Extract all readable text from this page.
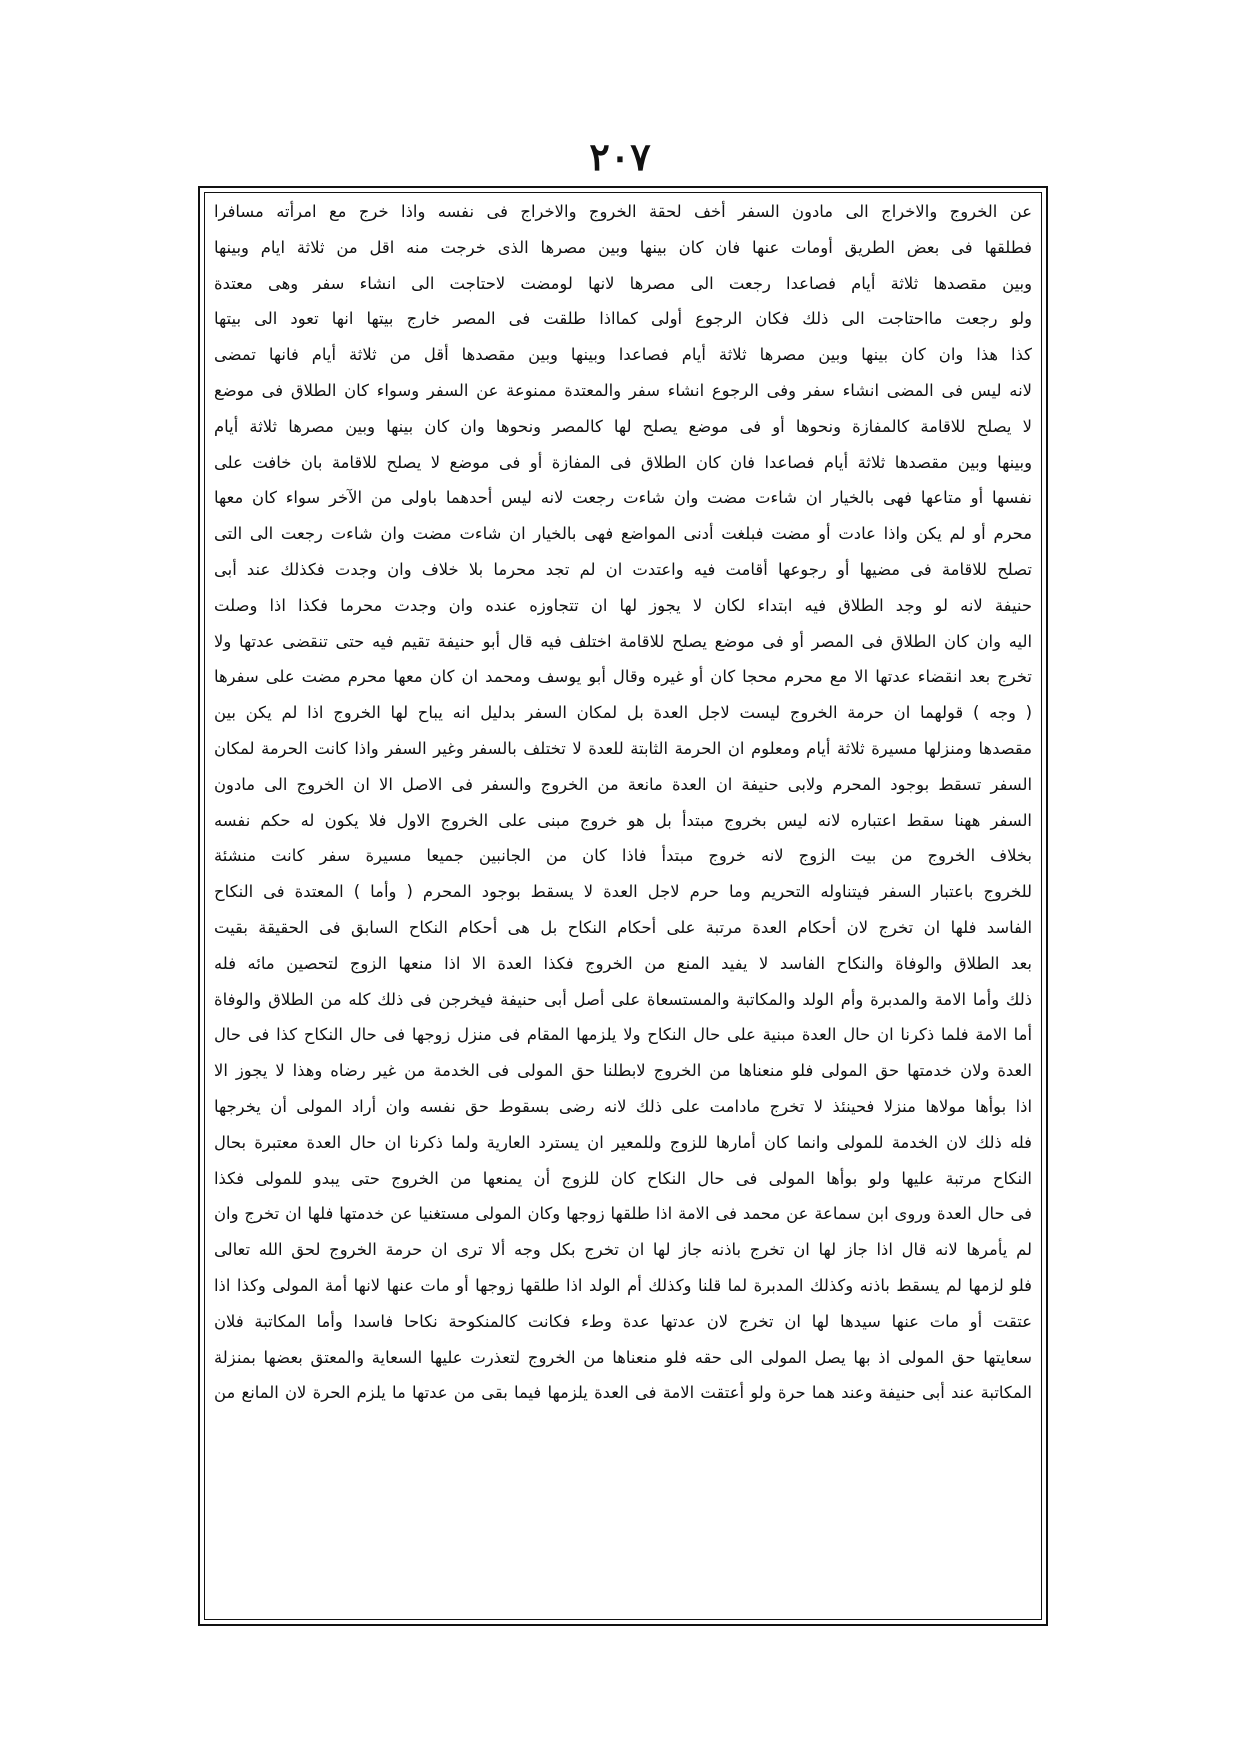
٢٠٧
عن الخروج والاخراج الى مادون السفر أخف لحقة الخروج والاخراج فى نفسه واذا خرج مع امرأته مسافرا
فطلقها فى بعض الطريق أومات عنها فان كان بينها وبين مصرها الذى خرجت منه اقل من ثلاثة ايام وبينها
وبين مقصدها ثلاثة أيام فصاعدا رجعت الى مصرها لانها لومضت لاحتاجت الى انشاء سفر وهى معتدة
ولو رجعت مااحتاجت الى ذلك فكان الرجوع أولى كمااذا طلقت فى المصر خارج بيتها انها تعود الى بيتها
كذا هذا وان كان بينها وبين مصرها ثلاثة أيام فصاعدا وبينها وبين مقصدها أقل من ثلاثة أيام فانها تمضى
لانه ليس فى المضى انشاء سفر وفى الرجوع انشاء سفر والمعتدة ممنوعة عن السفر وسواء كان الطلاق فى موضع
لا يصلح للاقامة كالمفازة ونحوها أو فى موضع يصلح لها كالمصر ونحوها وان كان بينها وبين مصرها ثلاثة أيام
وبينها وبين مقصدها ثلاثة أيام فصاعدا فان كان الطلاق فى المفازة أو فى موضع لا يصلح للاقامة بان خافت على
نفسها أو متاعها فهى بالخيار ان شاءت مضت وان شاءت رجعت لانه ليس أحدهما باولى من الآخر سواء كان معها
محرم أو لم يكن واذا عادت أو مضت فبلغت أدنى المواضع فهى بالخيار ان شاءت مضت وان شاءت رجعت الى التى
تصلح للاقامة فى مضيها أو رجوعها أقامت فيه واعتدت ان لم تجد محرما بلا خلاف وان وجدت فكذلك عند أبى
حنيفة لانه لو وجد الطلاق فيه ابتداء لكان لا يجوز لها ان تتجاوزه عنده وان وجدت محرما فكذا اذا وصلت
اليه وان كان الطلاق فى المصر أو فى موضع يصلح للاقامة اختلف فيه قال أبو حنيفة تقيم فيه حتى تنقضى عدتها ولا
تخرج بعد انقضاء عدتها الا مع محرم محجا كان أو غيره وقال أبو يوسف ومحمد ان كان معها محرم مضت على سفرها
( وجه ) قولهما ان حرمة الخروج ليست لاجل العدة بل لمكان السفر بدليل انه يباح لها الخروج اذا لم يكن بين
مقصدها ومنزلها مسيرة ثلاثة أيام ومعلوم ان الحرمة الثابتة للعدة لا تختلف بالسفر وغير السفر واذا كانت الحرمة لمكان
السفر تسقط بوجود المحرم ولابى حنيفة ان العدة مانعة من الخروج والسفر فى الاصل الا ان الخروج الى مادون
السفر ههنا سقط اعتباره لانه ليس بخروج مبتدأ بل هو خروج مبنى على الخروج الاول فلا يكون له حكم نفسه
بخلاف الخروج من بيت الزوج لانه خروج مبتدأ فاذا كان من الجانبين جميعا مسيرة سفر كانت منشئة
للخروج باعتبار السفر فيتناوله التحريم وما حرم لاجل العدة لا يسقط بوجود المحرم ( وأما ) المعتدة فى النكاح
الفاسد فلها ان تخرج لان أحكام العدة مرتبة على أحكام النكاح بل هى أحكام النكاح السابق فى الحقيقة بقيت
بعد الطلاق والوفاة والنكاح الفاسد لا يفيد المنع من الخروج فكذا العدة الا اذا منعها الزوج لتحصين مائه فله
ذلك وأما الامة والمدبرة وأم الولد والمكاتبة والمستسعاة على أصل أبى حنيفة فيخرجن فى ذلك كله من الطلاق والوفاة
أما الامة فلما ذكرنا ان حال العدة مبنية على حال النكاح ولا يلزمها المقام فى منزل زوجها فى حال النكاح كذا فى حال
العدة ولان خدمتها حق المولى فلو منعناها من الخروج لابطلنا حق المولى فى الخدمة من غير رضاه وهذا لا يجوز الا
اذا بوأها مولاها منزلا فحينئذ لا تخرج مادامت على ذلك لانه رضى بسقوط حق نفسه وان أراد المولى أن يخرجها
فله ذلك لان الخدمة للمولى وانما كان أمارها للزوج وللمعير ان يسترد العارية ولما ذكرنا ان حال العدة معتبرة بحال
النكاح مرتبة عليها ولو بوأها المولى فى حال النكاح كان للزوج أن يمنعها من الخروج حتى يبدو للمولى فكذا
فى حال العدة وروى ابن سماعة عن محمد فى الامة اذا طلقها زوجها وكان المولى مستغنيا عن خدمتها فلها ان تخرج وان
لم يأمرها لانه قال اذا جاز لها ان تخرج باذنه جاز لها ان تخرج بكل وجه ألا ترى ان حرمة الخروج لحق الله تعالى
فلو لزمها لم يسقط باذنه وكذلك المدبرة لما قلنا وكذلك أم الولد اذا طلقها زوجها أو مات عنها لانها أمة المولى وكذا اذا
عتقت أو مات عنها سيدها لها ان تخرج لان عدتها عدة وطء فكانت كالمنكوحة نكاحا فاسدا وأما المكاتبة فلان
سعايتها حق المولى اذ بها يصل المولى الى حقه فلو منعناها من الخروج لتعذرت عليها السعاية والمعتق بعضها بمنزلة
المكاتبة عند أبى حنيفة وعند هما حرة ولو أعتقت الامة فى العدة يلزمها فيما بقى من عدتها ما يلزم الحرة لان المانع من
